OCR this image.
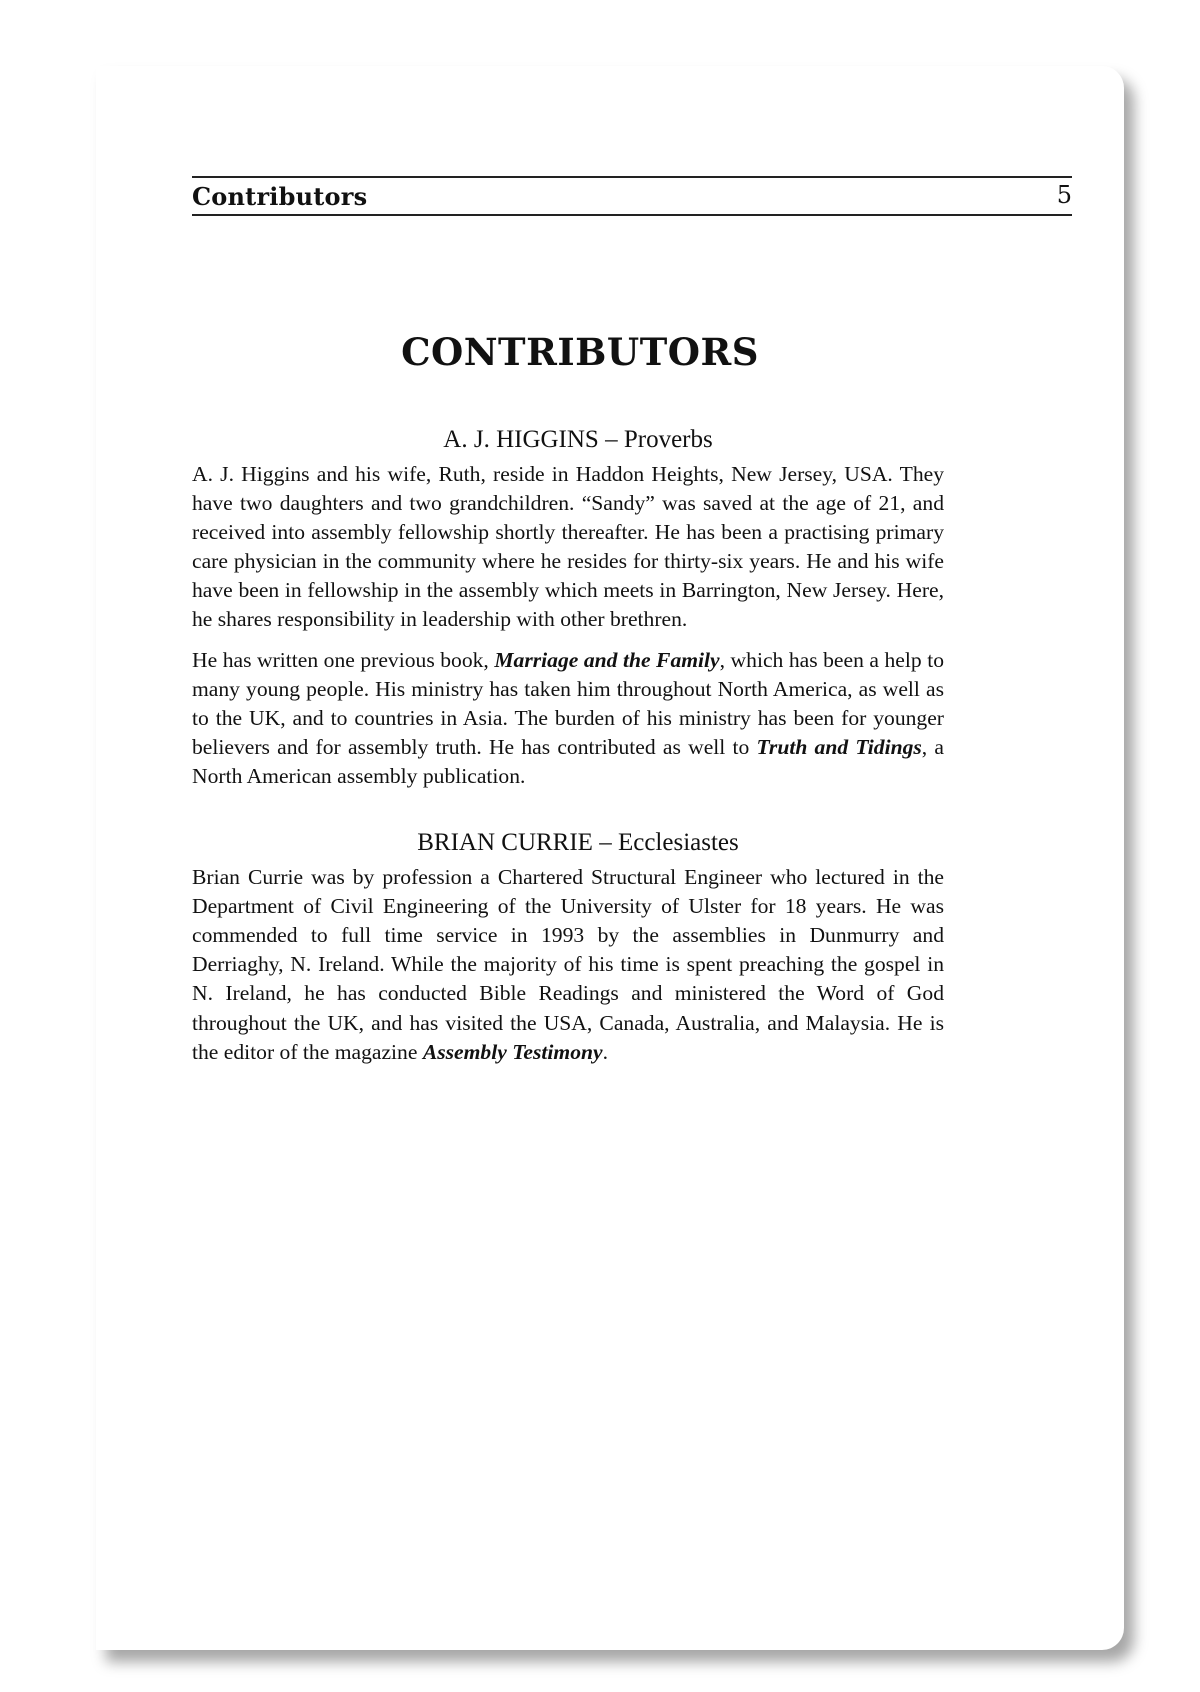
Contributors	5
CONTRIBUTORS
A. J. HIGGINS – Proverbs

A. J. Higgins and his wife, Ruth, reside in Haddon Heights, New Jersey, USA. They have two daughters and two grandchildren. “Sandy” was saved at the age of 21, and received into assembly fellowship shortly thereafter. He has been a practising primary care physician in the community where he resides for thirty-six years. He and his wife have been in fellowship in the assembly which meets in Barrington, New Jersey. Here, he shares responsibility in leadership with other brethren.

He has written one previous book, Marriage and the Family, which has been a help to many young people. His ministry has taken him throughout North America, as well as to the UK, and to countries in Asia. The burden of his ministry has been for younger believers and for assembly truth. He has contributed as well to Truth and Tidings, a North American assembly publication.

BRIAN CURRIE – Ecclesiastes

Brian Currie was by profession a Chartered Structural Engineer who lectured in the Department of Civil Engineering of the University of Ulster for 18 years. He was commended to full time service in 1993 by the assemblies in Dunmurry and Derriaghy, N. Ireland. While the majority of his time is spent preaching the gospel in N. Ireland, he has conducted Bible Readings and ministered the Word of God throughout the UK, and has visited the USA, Canada, Australia, and Malaysia. He is the editor of the magazine Assembly Testimony.
